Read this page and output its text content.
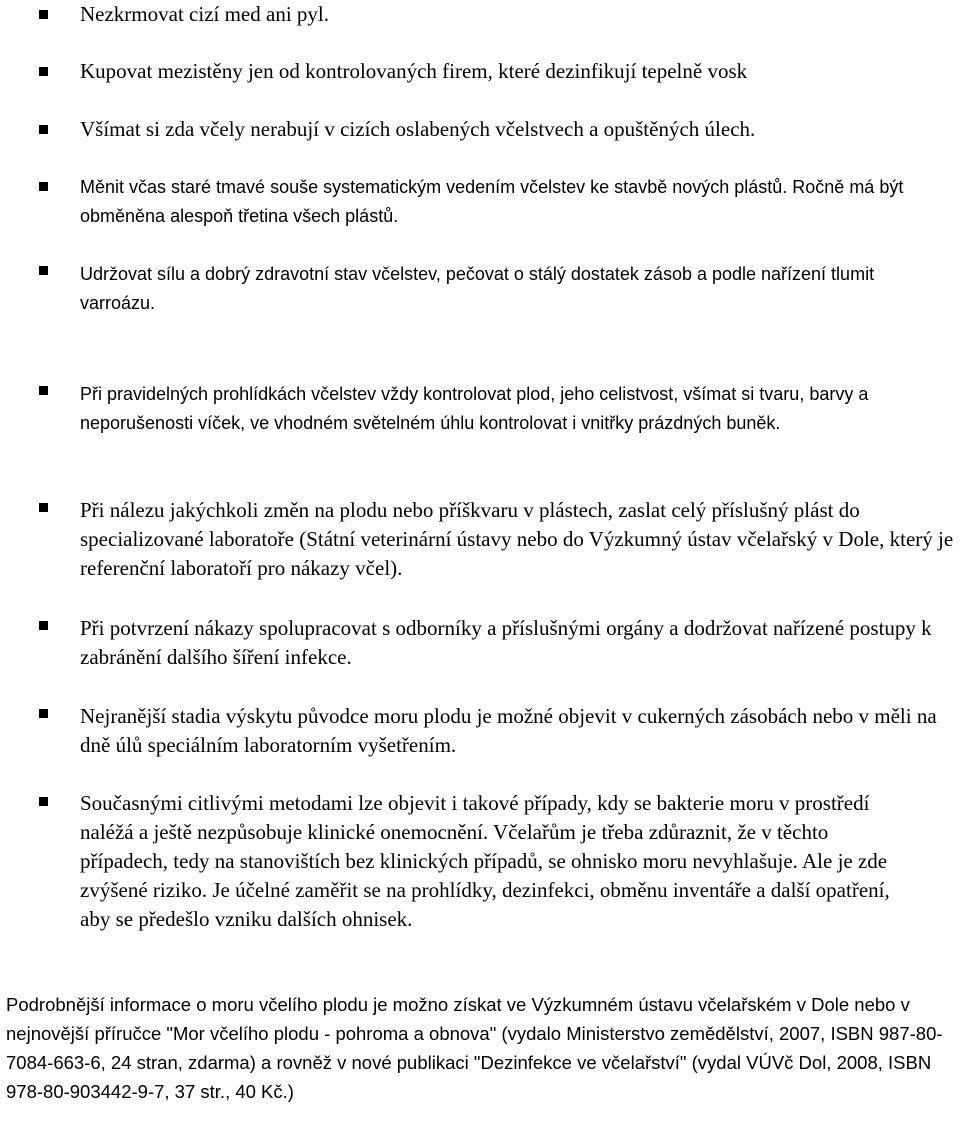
Nezkrmovat cizí med ani pyl.

Kupovat mezistěny jen od kontrolovaných firem, které dezinfikují tepelně vosk

Všímat si zda včely nerabují v cizích oslabených včelstvech a opuštěných úlech.

Měnit včas staré tmavé souše systematickým vedením včelstev ke stavbě nových plástů. Ročně má být obměněna alespoň třetina všech plástů.

Udržovat sílu a dobrý zdravotní stav včelstev, pečovat o stálý dostatek zásob a podle nařízení tlumit varroázu.

Při pravidelných prohlídkách včelstev vždy kontrolovat plod, jeho celistvost, všímat si tvaru, barvy a neporušenosti víček, ve vhodném světelném úhlu kontrolovat i vnitřky prázdných buněk.

Při nálezu jakýchkoli změn na plodu nebo příškvaru v plástech, zaslat celý příslušný plást do specializované laboratoře (Státní veterinární ústavy nebo do Výzkumný ústav včelařský v Dole, který je referenční laboratoří pro nákazy včel).

Při potvrzení nákazy spolupracovat s odborníky a příslušnými orgány a dodržovat nařízené postupy k zabránění dalšího šíření infekce.

Nejranější stadia výskytu původce moru plodu je možné objevit v cukerných zásobách nebo v měli na dně úlů speciálním laboratorním vyšetřením.

Současnými citlivými metodami lze objevit i takové případy, kdy se bakterie moru v prostředí naléžá a ještě nezpůsobuje klinické onemocnění. Včelařům je třeba zdůraznit, že v těchto případech, tedy na stanovištích bez klinických případů, se ohnisko moru nevyhlašuje. Ale je zde zvýšené riziko. Je účelné zaměřit se na prohlídky, dezinfekci, obměnu inventáře a další opatření, aby se předešlo vzniku dalších ohnisek.

Podrobnější informace o moru včelího plodu je možno získat ve Výzkumném ústavu včelařském v Dole nebo v nejnovější příručce "Mor včelího plodu - pohroma a obnova" (vydalo Ministerstvo zemědělství, 2007, ISBN 987-80-7084-663-6, 24 stran, zdarma) a rovněž v nové publikaci "Dezinfekce ve včelařství" (vydal VÚVč Dol, 2008, ISBN 978-80-903442-9-7, 37 str., 40 Kč.)
